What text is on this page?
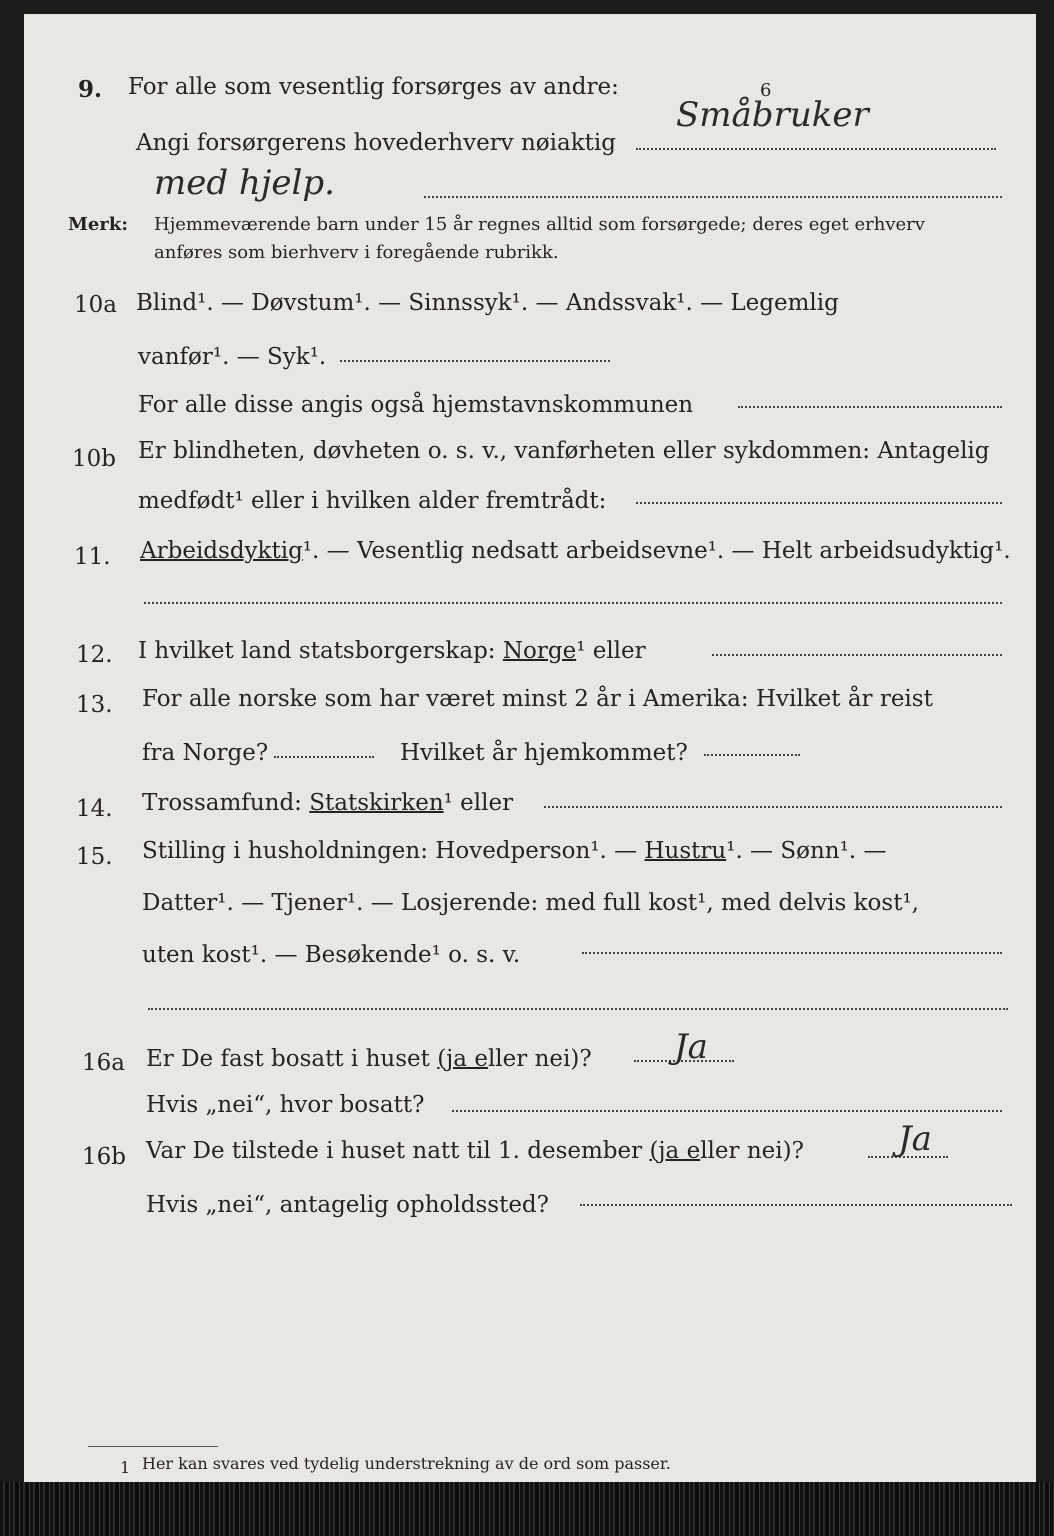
9. For alle som vesentlig forsørges av andre:
Småbruker
6
Angi forsørgerens hovederhverv nøiaktig
med hjelp.
Merk: Hjemmeværende barn under 15 år regnes alltid som forsørgede; deres eget erhverv
anføres som bierhverv i foregående rubrikk.
10a Blind¹. — Døvstum¹. — Sinnssyk¹. — Andssvak¹. — Legemlig
vanfør¹. — Syk¹.
For alle disse angis også hjemstavnskommunen
10b Er blindheten, døvheten o. s. v., vanførheten eller sykdommen: Antagelig
medfødt¹ eller i hvilken alder fremtrådt:
11. Arbeidsdyktig¹. — Vesentlig nedsatt arbeidsevne¹. — Helt arbeidsudyktig¹.
12. I hvilket land statsborgerskap: Norge¹ eller
13. For alle norske som har været minst 2 år i Amerika: Hvilket år reist
fra Norge?	Hvilket år hjemkommet?
14. Trossamfund: Statskirken¹ eller
15. Stilling i husholdningen: Hovedperson¹. — Hustru¹. — Sønn¹. —
Datter¹. — Tjener¹. — Losjerende: med full kost¹, med delvis kost¹,
uten kost¹. — Besøkende¹ o. s. v.
16a Er De fast bosatt i huset (ja eller nei)? Ja
Hvis „nei“, hvor bosatt?
16b Var De tilstede i huset natt til 1. desember (ja eller nei)?	Ja
Hvis „nei“, antagelig opholdssted?
1 Her kan svares ved tydelig understrekning av de ord som passer.
